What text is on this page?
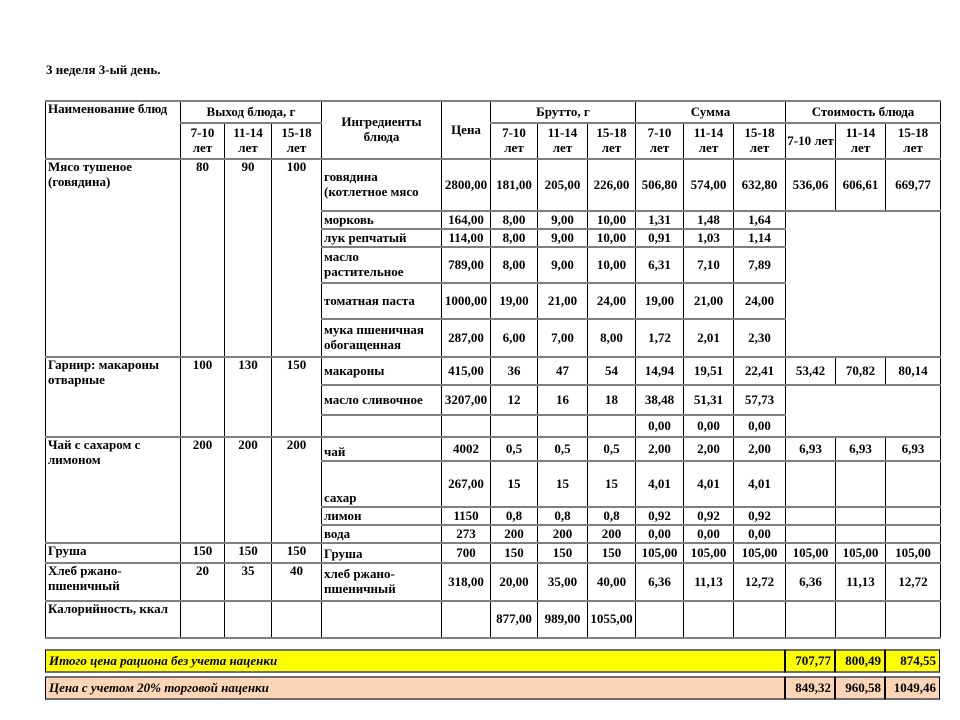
3 неделя 3-ый день.
Наименование блюд	Выход блюда, г			Ингредиенты блюда	Цена	Брутто, г			Сумма			Стоимость блюда		
	7-10 лет	11-14 лет	15-18 лет			7-10 лет	11-14 лет	15-18 лет	7-10 лет	11-14 лет	15-18 лет	7-10 лет	11-14 лет	15-18 лет
Мясо тушеное (говядина)	80	90	100	говядина (котлетное мясо	2800,00	181,00	205,00	226,00	506,80	574,00	632,80	536,06	606,61	669,77
				морковь	164,00	8,00	9,00	10,00	1,31	1,48	1,64			
				лук репчатый	114,00	8,00	9,00	10,00	0,91	1,03	1,14			
				масло растительное	789,00	8,00	9,00	10,00	6,31	7,10	7,89			
				томатная паста	1000,00	19,00	21,00	24,00	19,00	21,00	24,00			
				мука пшеничная обогащенная	287,00	6,00	7,00	8,00	1,72	2,01	2,30			
Гарнир: макароны отварные	100	130	150	макароны	415,00	36	47	54	14,94	19,51	22,41	53,42	70,82	80,14
				масло сливочное	3207,00	12	16	18	38,48	51,31	57,73			
									0,00	0,00	0,00			
Чай с сахаром с лимоном	200	200	200	чай	4002	0,5	0,5	0,5	2,00	2,00	2,00	6,93	6,93	6,93
				сахар	267,00	15	15	15	4,01	4,01	4,01			
				лимон	1150	0,8	0,8	0,8	0,92	0,92	0,92			
				вода	273	200	200	200	0,00	0,00	0,00			
Груша	150	150	150	Груша	700	150	150	150	105,00	105,00	105,00	105,00	105,00	105,00
Хлеб ржано-пшеничный	20	35	40	хлеб ржано-пшеничный	318,00	20,00	35,00	40,00	6,36	11,13	12,72	6,36	11,13	12,72
Калорийность, ккал						877,00	989,00	1055,00						
Итого цена рациона без учета наценки	707,77	800,49	874,55
Цена с учетом 20% торговой наценки	849,32	960,58	1049,46
